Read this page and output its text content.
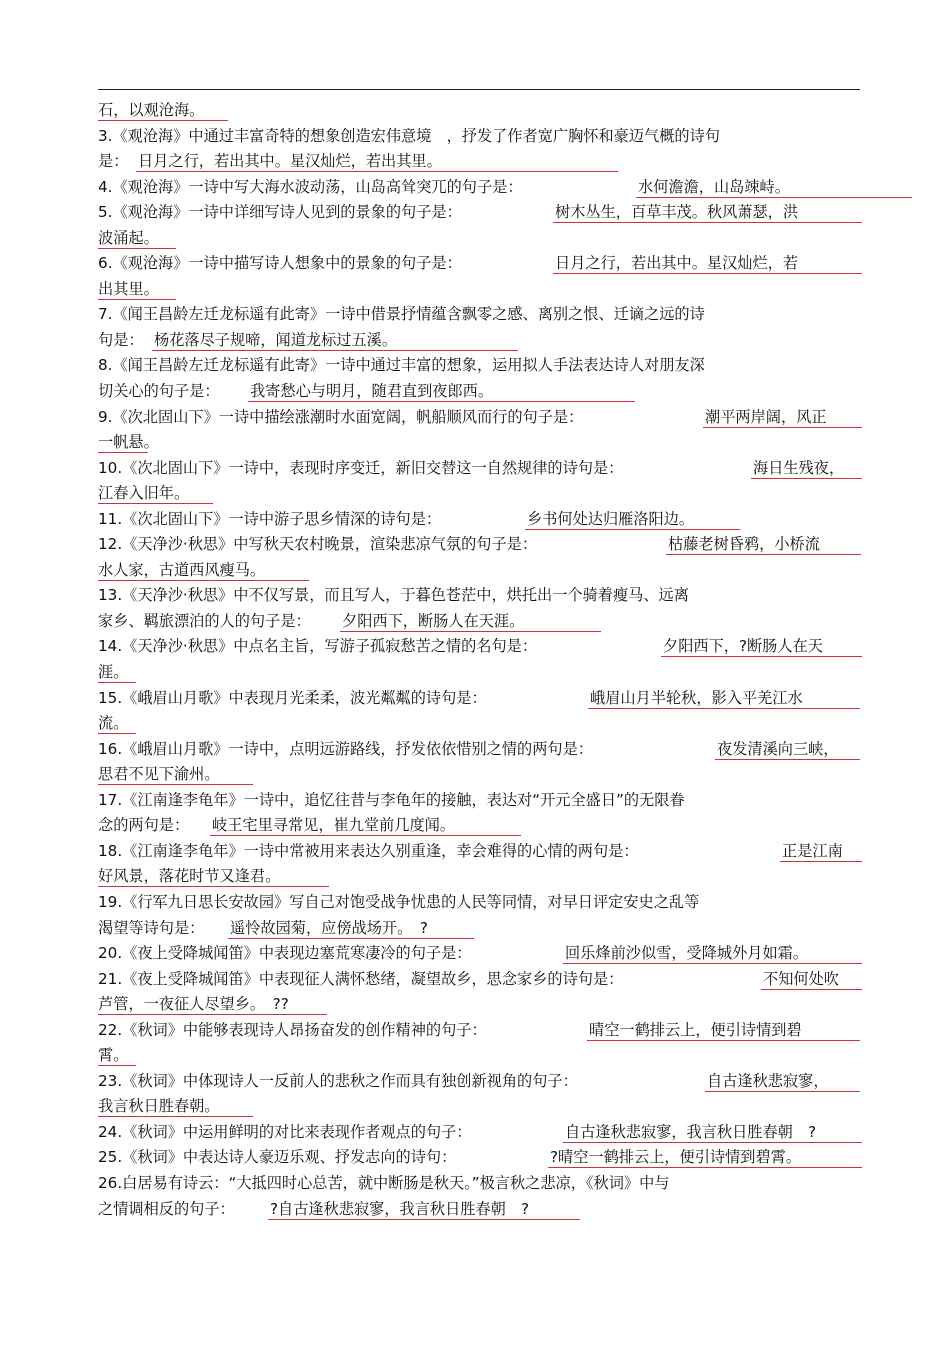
石，以观沧海。
3.《观沧海》中通过丰富奇特的想象创造宏伟意境　，抒发了作者宽广胸怀和豪迈气概的诗句
是： 日月之行，若出其中。星汉灿烂，若出其里。
4.《观沧海》一诗中写大海水波动荡，山岛高耸突兀的句子是：	水何澹澹，山岛竦峙。
5.《观沧海》一诗中详细写诗人见到的景象的句子是：	树木丛生，百草丰茂。秋风萧瑟，洪
波涌起。
6.《观沧海》一诗中描写诗人想象中的景象的句子是：	日月之行，若出其中。星汉灿烂，若
出其里。
7.《闻王昌龄左迁龙标遥有此寄》一诗中借景抒情蕴含飘零之感、离别之恨、迁谪之远的诗
句是： 杨花落尽子规啼，闻道龙标过五溪。
8.《闻王昌龄左迁龙标遥有此寄》一诗中通过丰富的想象，运用拟人手法表达诗人对朋友深
切关心的句子是： 我寄愁心与明月，随君直到夜郎西。
9.《次北固山下》一诗中描绘涨潮时水面宽阔，帆船顺风而行的句子是：	潮平两岸阔，风正
一帆悬。
10.《次北固山下》一诗中，表现时序变迁，新旧交替这一自然规律的诗句是：	海日生残夜，
江春入旧年。
11.《次北固山下》一诗中游子思乡情深的诗句是：	乡书何处达归雁洛阳边。
12.《天净沙·秋思》中写秋天农村晚景，渲染悲凉气氛的句子是：	枯藤老树昏鸦，小桥流
水人家，古道西风瘦马。
13.《天净沙·秋思》中不仅写景，而且写人，于暮色苍茫中，烘托出一个骑着瘦马、远离
家乡、羁旅漂泊的人的句子是： 夕阳西下，断肠人在天涯。
14.《天净沙·秋思》中点名主旨，写游子孤寂愁苦之情的名句是：	夕阳西下，?断肠人在天
涯。
15.《峨眉山月歌》中表现月光柔柔，波光粼粼的诗句是：	峨眉山月半轮秋，影入平羌江水
流。
16.《峨眉山月歌》一诗中，点明远游路线，抒发依依惜别之情的两句是：	夜发清溪向三峡，
思君不见下渝州。
17.《江南逢李龟年》一诗中，追忆往昔与李龟年的接触，表达对“开元全盛日”的无限眷
念的两句是： 岐王宅里寻常见，崔九堂前几度闻。
18.《江南逢李龟年》一诗中常被用来表达久别重逢，幸会难得的心情的两句是：	正是江南
好风景，落花时节又逢君。
19.《行军九日思长安故园》写自己对饱受战争忧患的人民等同情，对早日评定安史之乱等
渴望等诗句是： 遥怜故园菊，应傍战场开。　?
20.《夜上受降城闻笛》中表现边塞荒寒凄冷的句子是：	回乐烽前沙似雪，受降城外月如霜。
21.《夜上受降城闻笛》中表现征人满怀愁绪，凝望故乡，思念家乡的诗句是：	不知何处吹
芦管，一夜征人尽望乡。　??
22.《秋词》中能够表现诗人昂扬奋发的创作精神的句子：	晴空一鹤排云上，便引诗情到碧
霄。
23.《秋词》中体现诗人一反前人的悲秋之作而具有独创新视角的句子：	自古逢秋悲寂寥，
我言秋日胜春朝。
24.《秋词》中运用鲜明的对比来表现作者观点的句子：	自古逢秋悲寂寥，我言秋日胜春朝　?
25.《秋词》中表达诗人豪迈乐观、抒发志向的诗句：	?晴空一鹤排云上，便引诗情到碧霄。
26.白居易有诗云：“大抵四时心总苦，就中断肠是秋天。”极言秋之悲凉，《秋词》中与
之情调相反的句子： ?自古逢秋悲寂寥，我言秋日胜春朝　?
